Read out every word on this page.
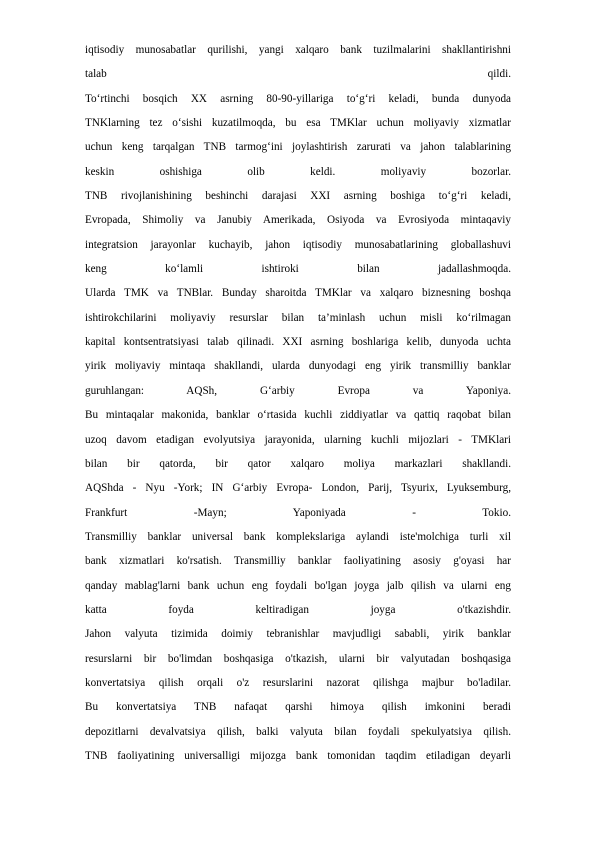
iqtisodiy munosabatlar qurilishi, yangi xalqaro bank tuzilmalarini shakllantirishni
talab qildi.
To‘rtinchi bosqich XX asrning 80-90-yillariga to‘g‘ri keladi, bunda dunyoda
TNKlarning tez o‘sishi kuzatilmoqda, bu esa TMKlar uchun moliyaviy xizmatlar
uchun keng tarqalgan TNB tarmog‘ini joylashtirish zarurati va jahon talablarining
keskin oshishiga olib keldi. moliyaviy bozorlar.
TNB rivojlanishining beshinchi darajasi XXI asrning boshiga to‘g‘ri keladi,
Evropada, Shimoliy va Janubiy Amerikada, Osiyoda va Evrosiyoda mintaqaviy
integratsion jarayonlar kuchayib, jahon iqtisodiy munosabatlarining globallashuvi
keng ko‘lamli ishtiroki bilan jadallashmoqda.
Ularda TMK va TNBlar. Bunday sharoitda TMKlar va xalqaro biznesning boshqa
ishtirokchilarini moliyaviy resurslar bilan ta’minlash uchun misli ko‘rilmagan
kapital kontsentratsiyasi talab qilinadi. XXI asrning boshlariga kelib, dunyoda uchta
yirik moliyaviy mintaqa shakllandi, ularda dunyodagi eng yirik transmilliy banklar
guruhlangan: AQSh, G‘arbiy Evropa va Yaponiya.
Bu mintaqalar makonida, banklar o‘rtasida kuchli ziddiyatlar va qattiq raqobat bilan
uzoq davom etadigan evolyutsiya jarayonida, ularning kuchli mijozlari - TMKlari
bilan bir qatorda, bir qator xalqaro moliya markazlari shakllandi.
AQShda - Nyu -York; IN G‘arbiy Evropa- London, Parij, Tsyurix, Lyuksemburg,
Frankfurt -Mayn; Yaponiyada - Tokio.
Transmilliy banklar universal bank komplekslariga aylandi iste'molchiga turli xil
bank xizmatlari ko'rsatish. Transmilliy banklar faoliyatining asosiy g'oyasi har
qanday mablag'larni bank uchun eng foydali bo'lgan joyga jalb qilish va ularni eng
katta foyda keltiradigan joyga o'tkazishdir.
Jahon valyuta tizimida doimiy tebranishlar mavjudligi sababli, yirik banklar
resurslarni bir bo'limdan boshqasiga o'tkazish, ularni bir valyutadan boshqasiga
konvertatsiya qilish orqali o'z resurslarini nazorat qilishga majbur bo'ladilar.
Bu konvertatsiya TNB nafaqat qarshi himoya qilish imkonini beradi
depozitlarni devalvatsiya qilish, balki valyuta bilan foydali spekulyatsiya qilish.
TNB faoliyatining universalligi mijozga bank tomonidan taqdim etiladigan deyarli
